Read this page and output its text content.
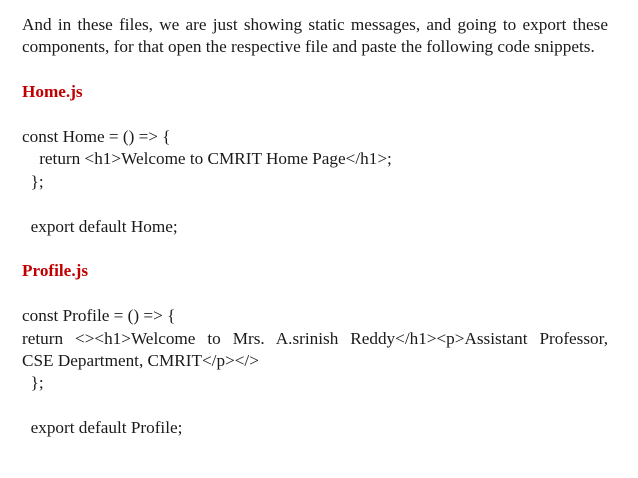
And in these files, we are just showing static messages, and going to export these components, for that open the respective file and paste the following code snippets.

Home.js

const Home = () => {

return <h1>Welcome to CMRIT Home Page</h1>;

};

export default Home;

Profile.js

const Profile = () => {

return <><h1>Welcome to Mrs. A.srinish Reddy</h1><p>Assistant Professor,

CSE Department, CMRIT</p></>

};

export default Profile;
